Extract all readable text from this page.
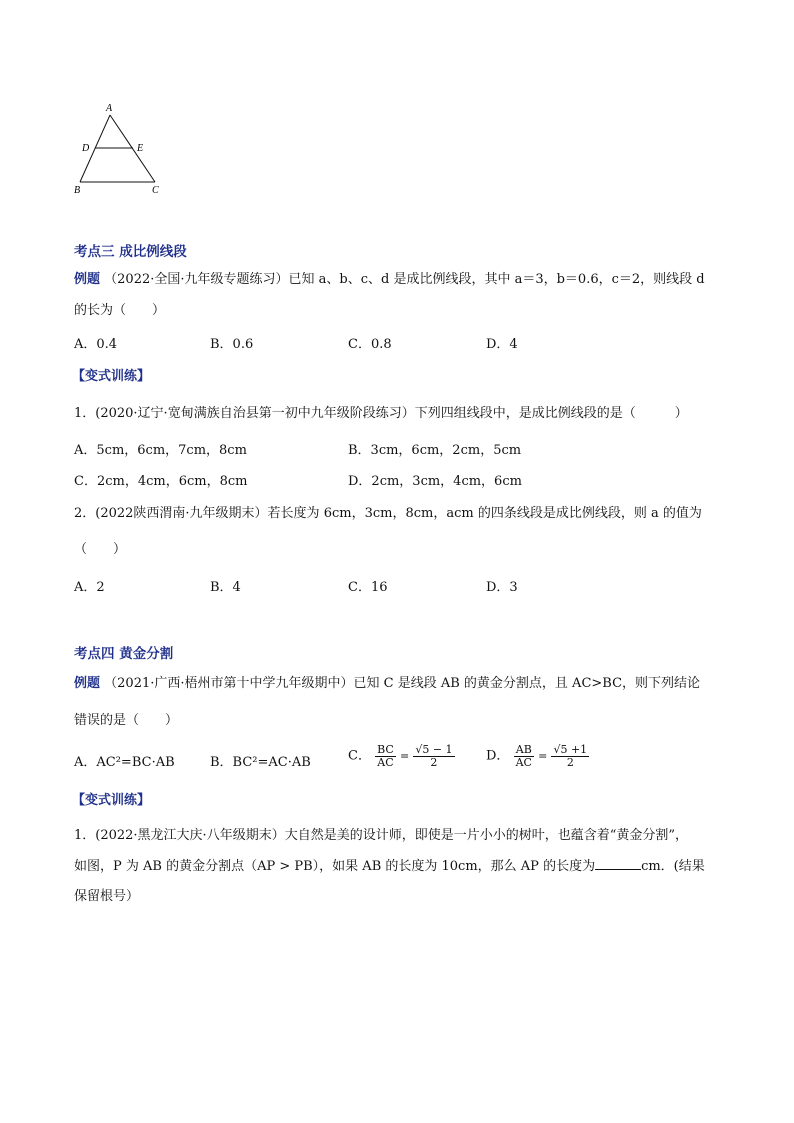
A
D	E
B	C
考点三 成比例线段
例题 （2022·全国·九年级专题练习）已知 a、b、c、d 是成比例线段，其中 a＝3，b＝0.6，c＝2，则线段 d
的长为（　　）
A．0.4	B．0.6	C．0.8	D．4
【变式训练】
1．(2020·辽宁·宽甸满族自治县第一初中九年级阶段练习）下列四组线段中，是成比例线段的是（　　　）
A．5cm，6cm，7cm，8cm	B．3cm，6cm，2cm，5cm
C．2cm，4cm，6cm，8cm	D．2cm，3cm，4cm，6cm
2．(2022陕西渭南·九年级期末）若长度为 6cm，3cm，8cm，acm 的四条线段是成比例线段，则 a 的值为
（　　）
A．2	B．4	C．16	D．3
考点四 黄金分割
例题 （2021·广西·梧州市第十中学九年级期中）已知 C 是线段 AB 的黄金分割点，且 AC>BC，则下列结论
错误的是（　　）
A．AC²=BC·AB	B．BC²=AC·AB	C． $\frac{BC}{AC} = \frac{√5 - 1}{2}$ D． $\frac{AB}{AC} = \frac{√5 +1}{2}$
【变式训练】
1．(2022·黑龙江大庆·八年级期末）大自然是美的设计师，即使是一片小小的树叶，也蕴含着“黄金分割”，
如图，P 为 AB 的黄金分割点（AP > PB），如果 AB 的长度为 10cm，那么 AP 的长度为	cm．(结果
保留根号）
